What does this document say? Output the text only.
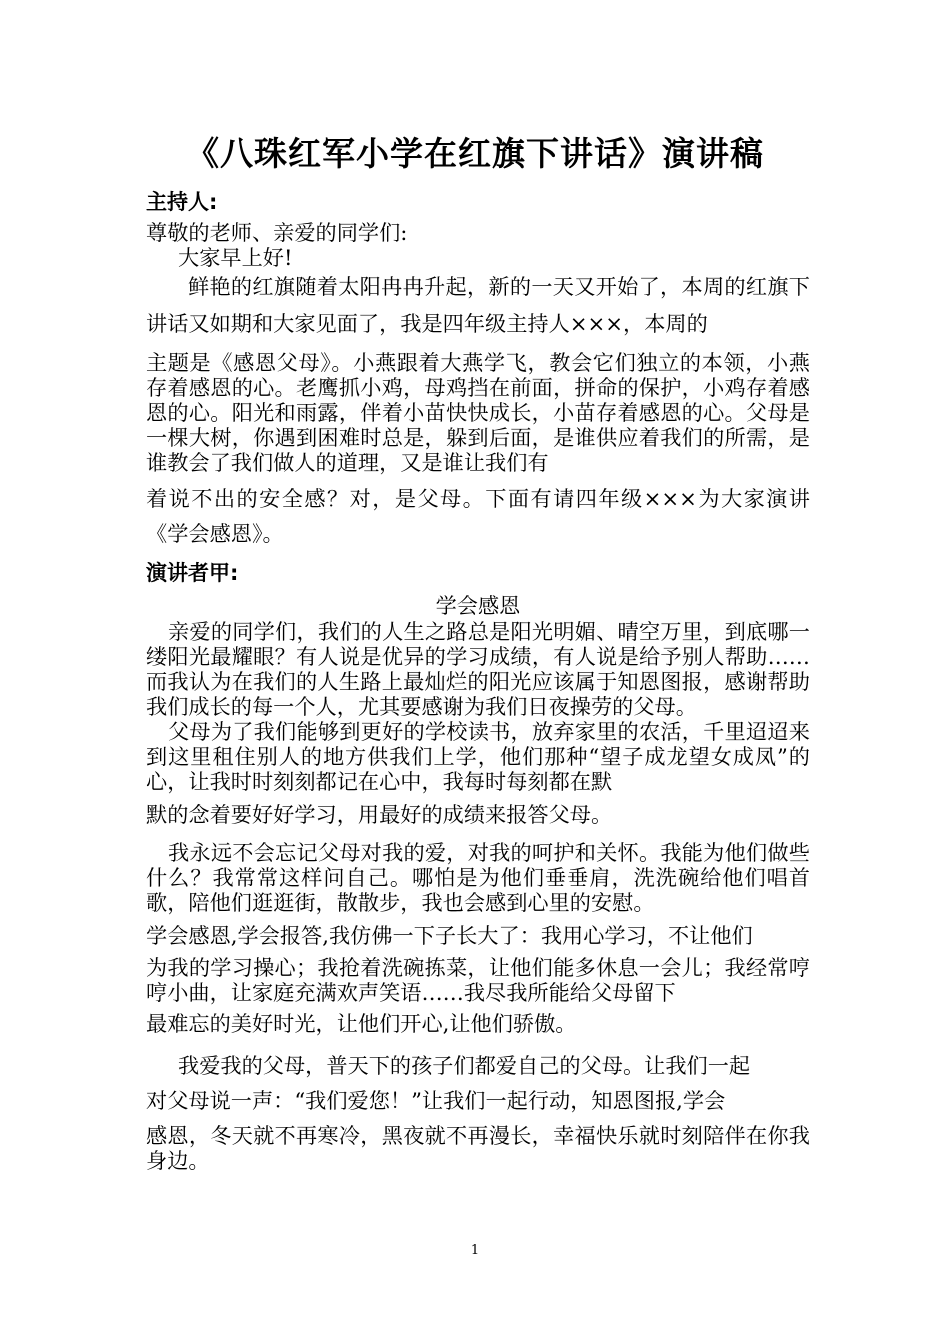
《八珠红军小学在红旗下讲话》演讲稿

主持人:

尊敬的老师、亲爱的同学们:

大家早上好!

鲜艳的红旗随着太阳冉冉升起，新的一天又开始了，本周的红旗下讲话又如期和大家见面了，我是四年级主持人×××，本周的

主题是《感恩父母》。小燕跟着大燕学飞，教会它们独立的本领，小燕存着感恩的心。老鹰抓小鸡，母鸡挡在前面，拼命的保护，小鸡存着感恩的心。阳光和雨露，伴着小苗快快成长，小苗存着感恩的心。父母是一棵大树，你遇到困难时总是，躲到后面，是谁供应着我们的所需，是谁教会了我们做人的道理，又是谁让我们有

着说不出的安全感？对，是父母。下面有请四年级×××为大家演讲《学会感恩》。

演讲者甲:

学会感恩

亲爱的同学们，我们的人生之路总是阳光明媚、晴空万里，到底哪一缕阳光最耀眼？有人说是优异的学习成绩，有人说是给予别人帮助……而我认为在我们的人生路上最灿烂的阳光应该属于知恩图报，感谢帮助我们成长的每一个人，尤其要感谢为我们日夜操劳的父母。

父母为了我们能够到更好的学校读书，放弃家里的农活，千里迢迢来到这里租住别人的地方供我们上学，他们那种“望子成龙望女成凤”的心，让我时时刻刻都记在心中，我每时每刻都在默

默的念着要好好学习，用最好的成绩来报答父母。

我永远不会忘记父母对我的爱，对我的呵护和关怀。我能为他们做些什么？我常常这样问自己。哪怕是为他们垂垂肩，洗洗碗给他们唱首歌，陪他们逛逛街，散散步，我也会感到心里的安慰。

学会感恩,学会报答,我仿佛一下子长大了：我用心学习，不让他们

为我的学习操心；我抢着洗碗拣菜，让他们能多休息一会儿；我经常哼哼小曲，让家庭充满欢声笑语……我尽我所能给父母留下

最难忘的美好时光，让他们开心,让他们骄傲。

我爱我的父母，普天下的孩子们都爱自己的父母。让我们一起

对父母说一声：“我们爱您！”让我们一起行动，知恩图报,学会

感恩，冬天就不再寒冷，黑夜就不再漫长，幸福快乐就时刻陪伴在你我身边。

1
